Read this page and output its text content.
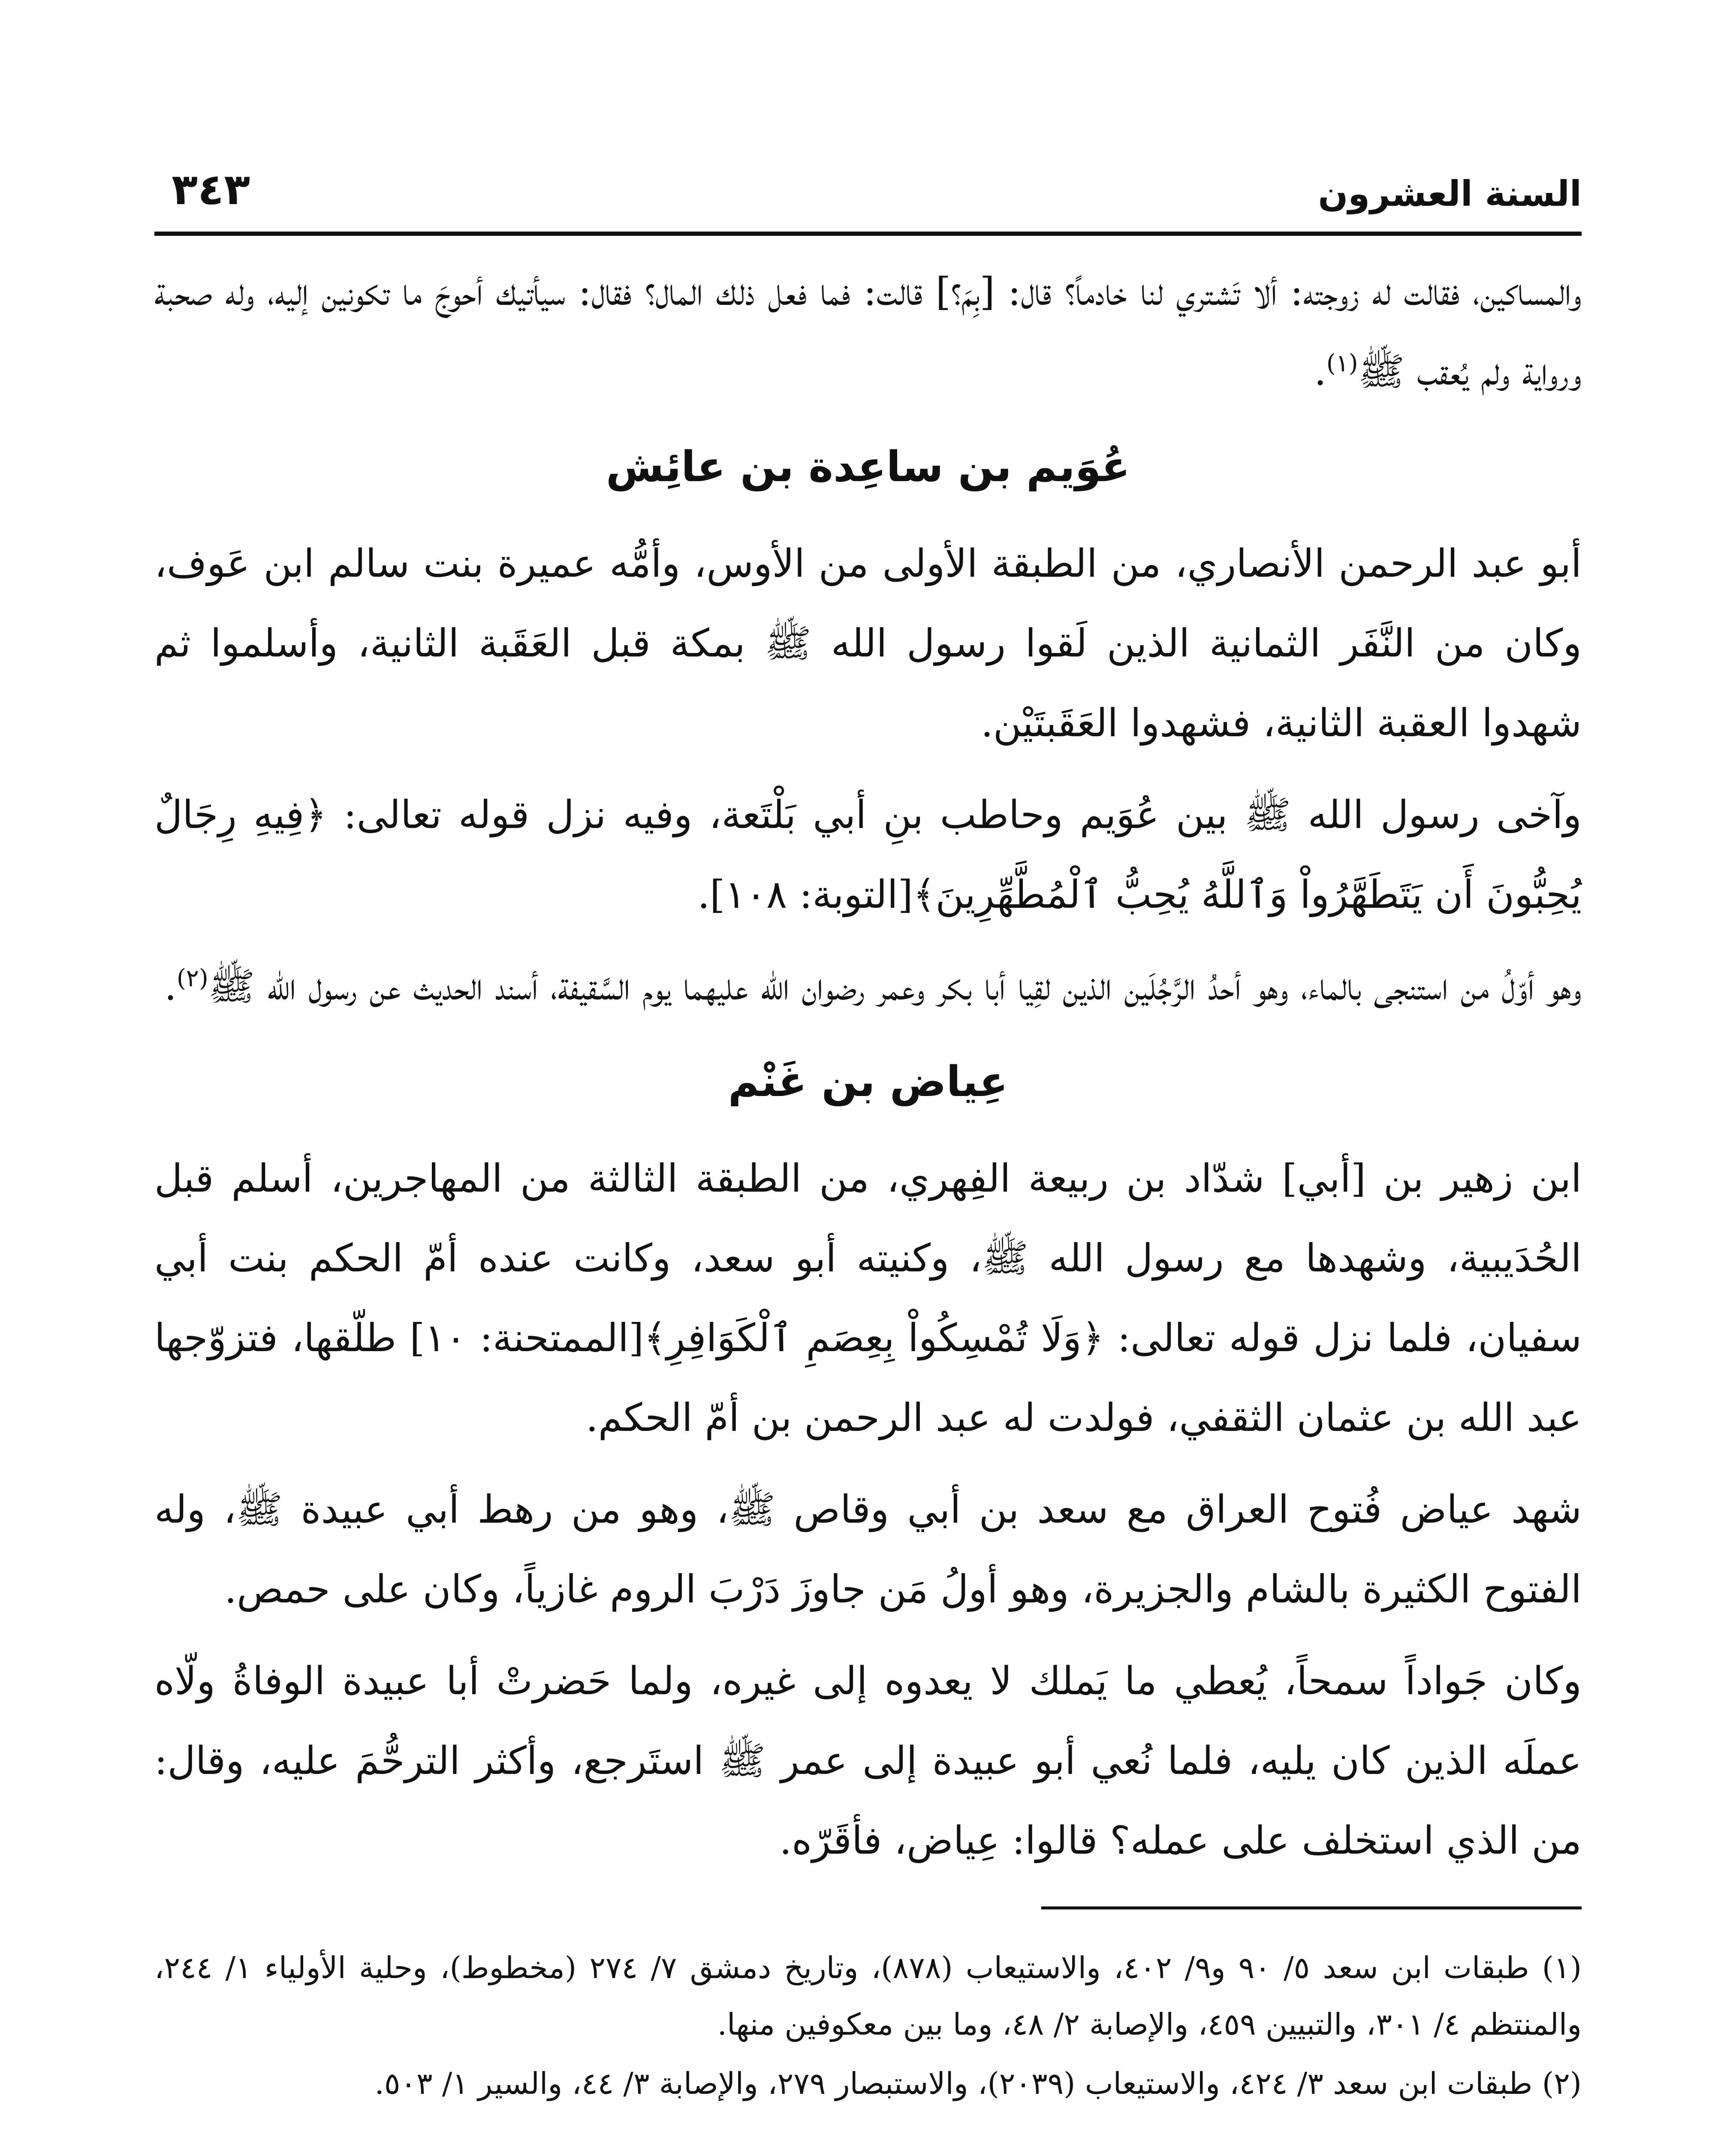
السنة العشرون
٣٤٣

والمساكين، فقالت له زوجته: ألا تَشتري لنا خادماً؟ قال: [بِمَ؟] قالت: فما فعل ذلك المال؟ فقال: سيأتيك أحوجَ ما تكونين إليه، وله صحبة ورواية ولم يُعقب ﷺ$^{(١)}$.

عُوَيم بن ساعِدة بن عائِش

أبو عبد الرحمن الأنصاري، من الطبقة الأولى من الأوس، وأمُّه عميرة بنت سالم ابن عَوف، وكان من النَّفَر الثمانية الذين لَقوا رسول الله ﷺ بمكة قبل العَقَبة الثانية، وأسلموا ثم شهدوا العقبة الثانية، فشهدوا العَقَبتَيْن.

وآخى رسول الله ﷺ بين عُوَيم وحاطب بنِ أبي بَلْتَعة، وفيه نزل قوله تعالى: ﴿فِيهِ رِجَالٌ يُحِبُّونَ أَن يَتَطَهَّرُواْ وَٱللَّهُ يُحِبُّ ٱلْمُطَّهِّرِينَ﴾[التوبة: ١٠٨].

وهو أوّلُ من استنجى بالماء، وهو أحدُ الرَّجُلَين الذين لقِيا أبا بكر وعمر رضوان الله عليهما يوم السَّقيفة، أسند الحديث عن رسول الله ﷺ$^{(٢)}$.

عِياض بن غَنْم

ابن زهير بن [أبي] شدّاد بن ربيعة الفِهري، من الطبقة الثالثة من المهاجرين، أسلم قبل الحُدَيبية، وشهدها مع رسول الله ﷺ، وكنيته أبو سعد، وكانت عنده أمّ الحكم بنت أبي سفيان، فلما نزل قوله تعالى: ﴿وَلَا تُمْسِكُواْ بِعِصَمِ ٱلْكَوَافِرِ﴾[الممتحنة: ١٠] طلّقها، فتزوّجها عبد الله بن عثمان الثقفي، فولدت له عبد الرحمن بن أمّ الحكم.

شهد عياض فُتوح العراق مع سعد بن أبي وقاص ﷺ، وهو من رهط أبي عبيدة ﷺ، وله الفتوح الكثيرة بالشام والجزيرة، وهو أولُ مَن جاوزَ دَرْبَ الروم غازياً، وكان على حمص.

وكان جَواداً سمحاً، يُعطي ما يَملك لا يعدوه إلى غيره، ولما حَضرتْ أبا عبيدة الوفاةُ ولّاه عملَه الذين كان يليه، فلما نُعي أبو عبيدة إلى عمر ﷺ استَرجع، وأكثر الترحُّمَ عليه، وقال: من الذي استخلف على عمله؟ قالوا: عِياض، فأقَرّه.

(١) طبقات ابن سعد ٥/ ٩٠ و٩/ ٤٠٢، والاستيعاب (٨٧٨)، وتاريخ دمشق ٧/ ٢٧٤ (مخطوط)، وحلية الأولياء ١/ ٢٤٤، والمنتظم ٤/ ٣٠١، والتبيين ٤٥٩، والإصابة ٢/ ٤٨، وما بين معكوفين منها.

(٢) طبقات ابن سعد ٣/ ٤٢٤، والاستيعاب (٢٠٣٩)، والاستبصار ٢٧٩، والإصابة ٣/ ٤٤، والسير ١/ ٥٠٣.
